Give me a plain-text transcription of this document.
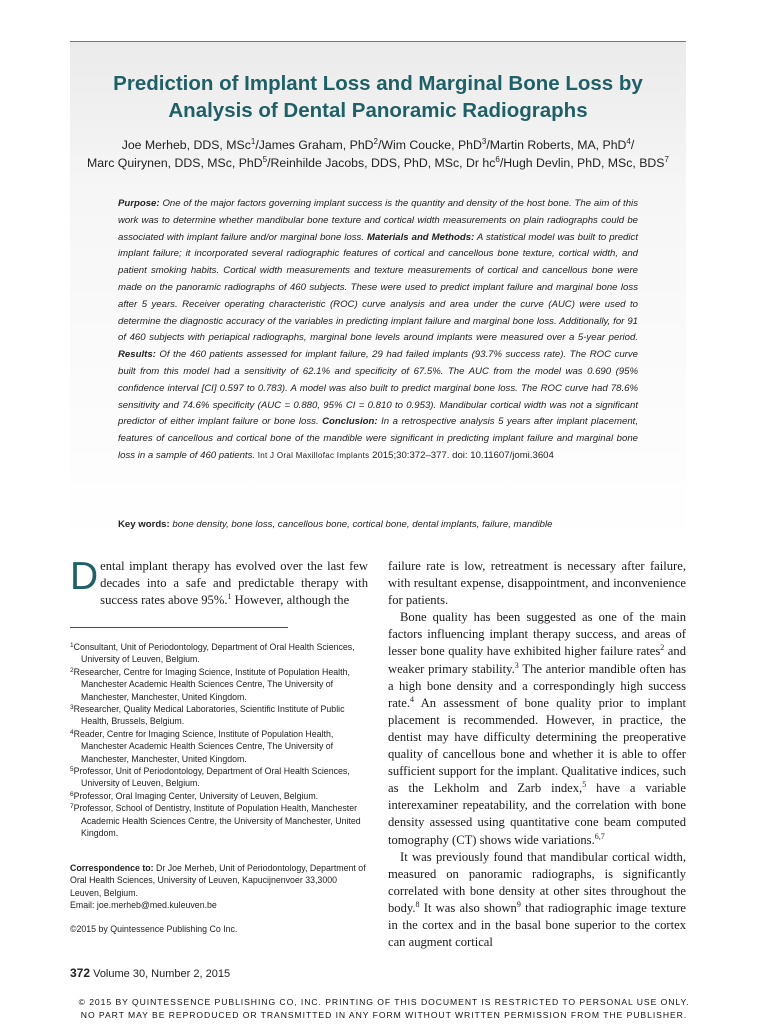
Prediction of Implant Loss and Marginal Bone Loss by
Analysis of Dental Panoramic Radiographs
Joe Merheb, DDS, MSc$^1$/James Graham, PhD$^2$/Wim Coucke, PhD$^3$/Martin Roberts, MA, PhD$^4$/
Marc Quirynen, DDS, MSc, PhD$^5$/Reinhilde Jacobs, DDS, PhD, MSc, Dr $hc^6$/Hugh Devlin, PhD, MSc, BDS$^7$
Purpose: One of the major factors governing implant success is the quantity and density of the host bone. The aim of this work was to determine whether mandibular bone texture and cortical width measurements on plain radiographs could be associated with implant failure and/or marginal bone loss. Materials and Methods: A statistical model was built to predict implant failure; it incorporated several radiographic features of cortical and cancellous bone texture, cortical width, and patient smoking habits. Cortical width measurements and texture measurements of cortical and cancellous bone were made on the panoramic radiographs of 460 subjects. These were used to predict implant failure and marginal bone loss after 5 years. Receiver operating characteristic (ROC) curve analysis and area under the curve (AUC) were used to determine the diagnostic accuracy of the variables in predicting implant failure and marginal bone loss. Additionally, for 91 of 460 subjects with periapical radiographs, marginal bone levels around implants were measured over a 5-year period. Results: Of the 460 patients assessed for implant failure, 29 had failed implants (93.7% success rate). The ROC curve built from this model had a sensitivity of 62.1% and specificity of 67.5%. The AUC from the model was 0.690 (95% confidence interval [CI] 0.597 to 0.783). A model was also built to predict marginal bone loss. The ROC curve had 78.6% sensitivity and 74.6% specificity (AUC = 0.880, 95% CI = 0.810 to 0.953). Mandibular cortical width was not a significant predictor of either implant failure or bone loss. Conclusion: In a retrospective analysis 5 years after implant placement, features of cancellous and cortical bone of the mandible were significant in predicting implant failure and marginal bone loss in a sample of 460 patients. Int J Oral Maxillofac Implants 2015;30:372–377. doi: 10.11607/jomi.3604
Key words: bone density, bone loss, cancellous bone, cortical bone, dental implants, failure, mandible

Dental implant therapy has evolved over the last few decades into a safe and predictable therapy with success rates above 95%.$^1$ However, although the

$^1$Consultant, Unit of Periodontology, Department of Oral Health Sciences, University of Leuven, Belgium.
$^2$Researcher, Centre for Imaging Science, Institute of Population Health, Manchester Academic Health Sciences Centre, The University of Manchester, Manchester, United Kingdom.
$^3$Researcher, Quality Medical Laboratories, Scientific Institute of Public Health, Brussels, Belgium.
$^4$Reader, Centre for Imaging Science, Institute of Population Health, Manchester Academic Health Sciences Centre, The University of Manchester, Manchester, United Kingdom.
$^5$Professor, Unit of Periodontology, Department of Oral Health Sciences, University of Leuven, Belgium.
$^6$Professor, Oral Imaging Center, University of Leuven, Belgium.
$^7$Professor, School of Dentistry, Institute of Population Health, Manchester Academic Health Sciences Centre, the University of Manchester, United Kingdom.
Correspondence to: Dr Joe Merheb, Unit of Periodontology, Department of Oral Health Sciences, University of Leuven, Kapucijnenvoer 33,3000 Leuven, Belgium.
Email: joe.merheb@med.kuleuven.be
©2015 by Quintessence Publishing Co Inc.

failure rate is low, retreatment is necessary after failure, with resultant expense, disappointment, and inconvenience for patients.

Bone quality has been suggested as one of the main factors influencing implant therapy success, and areas of lesser bone quality have exhibited higher failure rates$^2$ and weaker primary stability.$^3$ The anterior mandible often has a high bone density and a correspondingly high success rate.$^4$ An assessment of bone quality prior to implant placement is recommended. However, in practice, the dentist may have difficulty determining the preoperative quality of cancellous bone and whether it is able to offer sufficient support for the implant. Qualitative indices, such as the Lekholm and Zarb index,$^5$ have a variable interexaminer repeatability, and the correlation with bone density assessed using quantitative cone beam computed tomography (CT) shows wide variations.$^{6,7}$

It was previously found that mandibular cortical width, measured on panoramic radiographs, is significantly correlated with bone density at other sites throughout the body.$^8$ It was also shown$^9$ that radiographic image texture in the cortex and in the basal bone superior to the cortex can augment cortical

372 Volume 30, Number 2, 2015
© 2015 BY QUINTESSENCE PUBLISHING CO, INC. PRINTING OF THIS DOCUMENT IS RESTRICTED TO PERSONAL USE ONLY.
NO PART MAY BE REPRODUCED OR TRANSMITTED IN ANY FORM WITHOUT WRITTEN PERMISSION FROM THE PUBLISHER.
